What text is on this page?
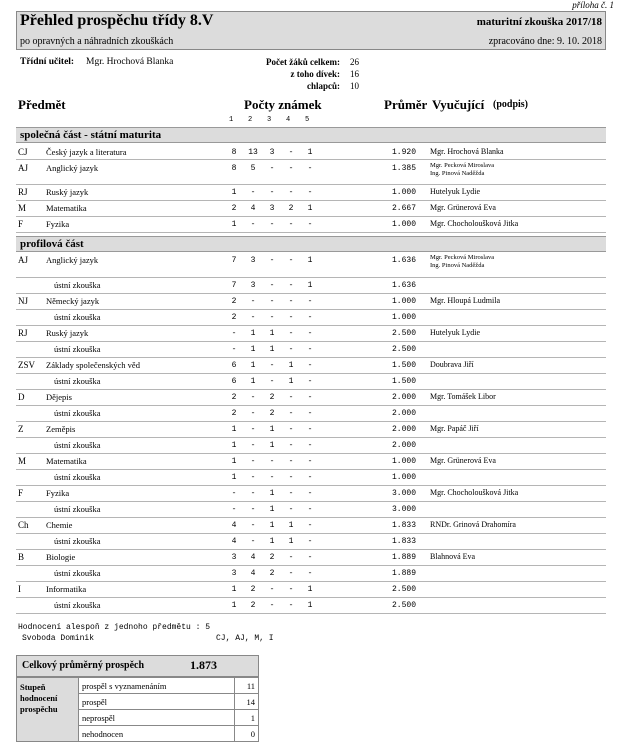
příloha č. 1
Přehled prospěchu třídy 8.V
po opravných a náhradních zkouškách
maturitní zkouška 2017/18
zpracováno dne: 9. 10. 2018
Třídní učitel: Mgr. Hrochová Blanka	Počet žáků celkem: 26
z toho dívek: 16
chlapců: 10
Předmět	Počty známek	Průměr Vyučující (podpis)
1 2 3 4 5
společná část - státní maturita
profilová část
CJ Český jazyk a literatura	8	13	3	-	1	1.920 Mgr. Hrochová Blanka
AJ Anglický jazyk	8	5	-	-	-	1.385 Mgr. Pecková Miroslava
Ing. Pinová Naděžda
RJ Ruský jazyk	1	-	-	-	-	1.000 Hutelyuk Lydie
M Matematika	2	4	3	2	1	2.667 Mgr. Grünerová Eva
F	Fyzika	1	-	-	-	-	1.000 Mgr. Chocholoušková Jitka
AJ Anglický jazyk	7	3	-	-	1	1.636 Mgr. Pecková Miroslava
Ing. Pinová Naděžda
ústní zkouška	7	3	-	-	1	1.636
NJ Německý jazyk	2	-	-	-	-	1.000 Mgr. Hloupá Ludmila
ústní zkouška	2	-	-	-	-	1.000
RJ Ruský jazyk	-	1	1	-	-	2.500 Hutelyuk Lydie
ústní zkouška	-	1	1	-	-	2.500
ZSV Základy společenských věd	6	1	-	1	-	1.500 Doubrava Jiří
ústní zkouška	6	1	-	1	-	1.500
D	Dějepis	2	-	2	-	-	2.000 Mgr. Tomášek Libor
ústní zkouška	2	-	2	-	-	2.000
Z	Zeměpis	1	-	1	-	-	2.000 Mgr. Papáč Jiří
ústní zkouška	1	-	1	-	-	2.000
M Matematika	1	-	-	-	-	1.000 Mgr. Grünerová Eva
ústní zkouška	1	-	-	-	-	1.000
F	Fyzika	-	-	1	-	-	3.000 Mgr. Chocholoušková Jitka
ústní zkouška	-	-	1	-	-	3.000
Ch Chemie	4	-	1	1	-	1.833 RNDr. Grinová Drahomíra
ústní zkouška	4	-	1	1	-	1.833
B	Biologie	3	4	2	-	-	1.889 Blahnová Eva
ústní zkouška	3	4	2	-	-	1.889
I	Informatika	1	2	-	-	1	2.500
ústní zkouška	1	2	-	-	1	2.500
Hodnocení alespoň z jednoho předmětu : 5
Svoboda Dominik	CJ, AJ, M, I
Celkový průměrný prospěch	1.873
Stupeň
hodnocení
prospěchu	prospěl s vyznamenáním	11
	prospěl	14
	neprospěl	1
	nehodnocen	0
